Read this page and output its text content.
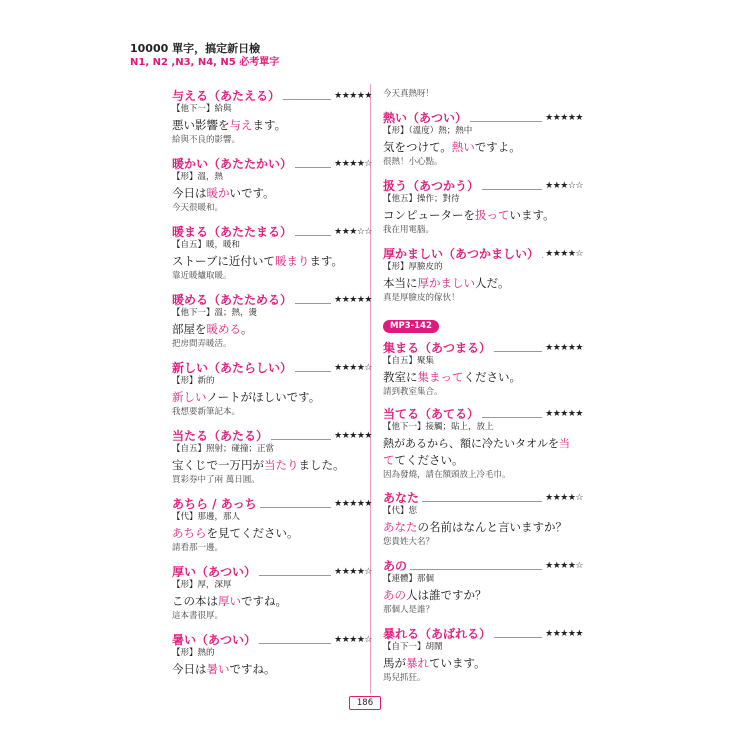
10000 單字，搞定新日檢
N1, N2 ,N3, N4, N5 必考單字
与える（あたえる）	★★★★★
【他下一】給與
悪い影響を与えます。
給與不良的影響。
暖かい（あたたかい）	★★★★☆
【形】溫，熱
今日は暖かいです。
今天很暖和。
暖まる（あたたまる）	★★★☆☆
【自五】暖，暖和
ストーブに近付いて暖まります。
靠近暖爐取暖。
暖める（あたためる）	★★★★★
【他下一】溫；熱，燙
部屋を暖める。
把房間弄暖活。
新しい（あたらしい）	★★★★☆
【形】新的
新しいノートがほしいです。
我想要新筆記本。
当たる（あたる）	★★★★★
【自五】照射；碰撞；正當
宝くじで一万円が当たりました。
買彩券中了兩 萬日圓。
あちら / あっち	★★★★★
【代】那邊，那人
あちらを見てください。
請看那一邊。
厚い（あつい）	★★★★☆
【形】厚，深厚
この本は厚いですね。
這本書很厚。
暑い（あつい）	★★★★☆
【形】熱的
今日は暑いですね。
今天真熱呀！
熱い（あつい）	★★★★★
【形】（溫度）熱；熱中
気をつけて。熱いですよ。
很熱！小心點。
扱う（あつかう）	★★★☆☆
【他五】操作；對待
コンピューターを扱っています。
我在用電腦。
厚かましい（あつかましい） ★★★★☆
【形】厚臉皮的
本当に厚かましい人だ。
真是厚臉皮的傢伙！
MP3-142
集まる（あつまる）	★★★★★
【自五】聚集
教室に集まってください。
請到教室集合。
当てる（あてる）	★★★★★
【他下一】接觸；貼上，放上
熱があるから、額に冷たいタオルを当
ててください。
因為發燒，請在額頭放上冷毛巾。
あなた	★★★★☆
【代】您
あなたの名前はなんと言いますか？
您貴姓大名？
あの	★★★★☆
【連體】那個
あの人は誰ですか？
那個人是誰？
暴れる（あばれる）	★★★★★
【自下一】胡鬧
馬が暴れています。
馬兒抓狂。
186
